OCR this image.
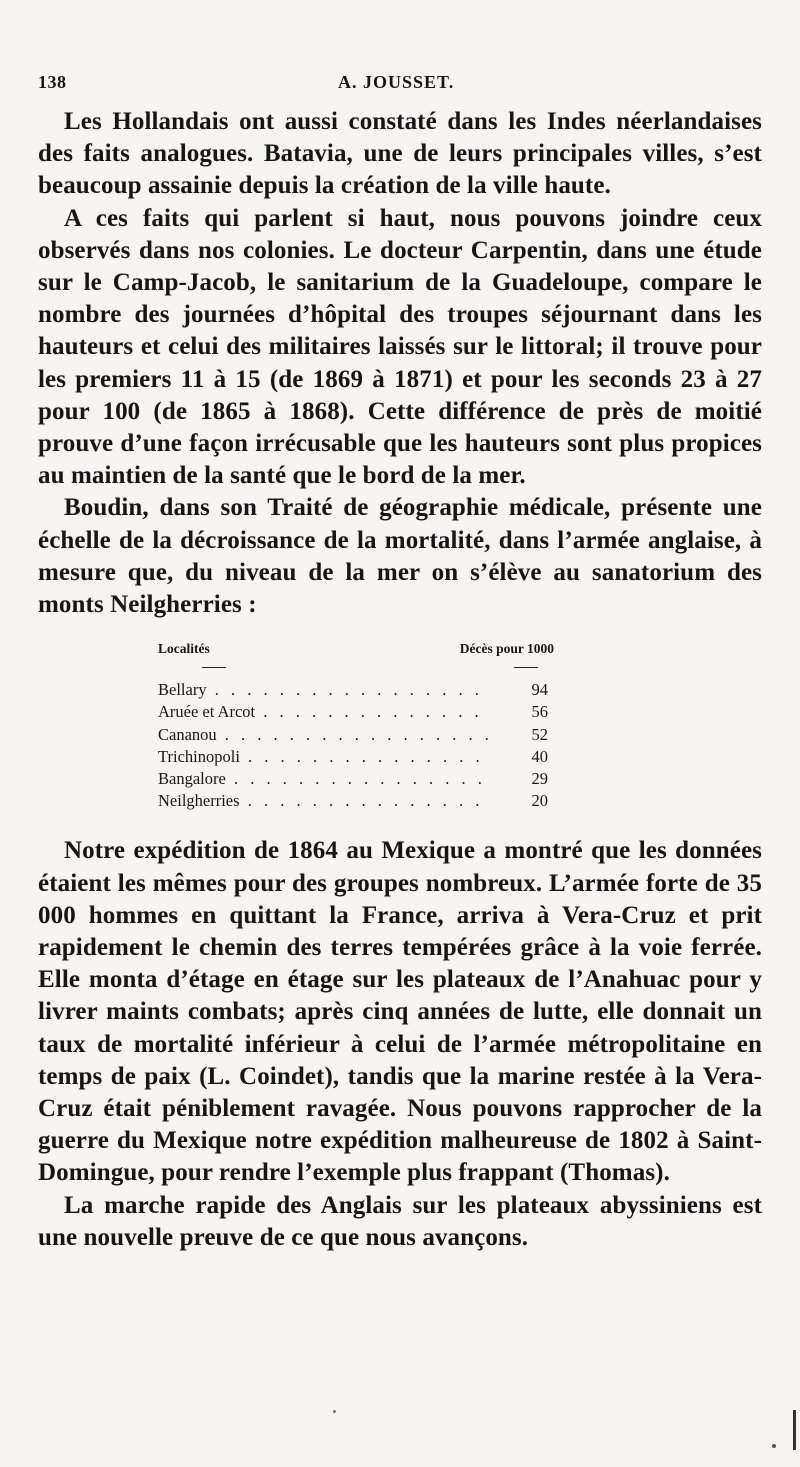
138	A. JOUSSET.

Les Hollandais ont aussi constaté dans les Indes néerlandaises des faits analogues. Batavia, une de leurs principales villes, s’est beaucoup assainie depuis la création de la ville haute.

A ces faits qui parlent si haut, nous pouvons joindre ceux observés dans nos colonies. Le docteur Carpentin, dans une étude sur le Camp-Jacob, le sanitarium de la Guadeloupe, compare le nombre des journées d’hôpital des troupes séjournant dans les hauteurs et celui des militaires laissés sur le littoral; il trouve pour les premiers 11 à 15 (de 1869 à 1871) et pour les seconds 23 à 27 pour 100 (de 1865 à 1868). Cette différence de près de moitié prouve d’une façon irrécusable que les hauteurs sont plus propices au maintien de la santé que le bord de la mer.

Boudin, dans son Traité de géographie médicale, présente une échelle de la décroissance de la mortalité, dans l’armée anglaise, à mesure que, du niveau de la mer on s’élève au sanatorium des monts Neilgherries :

Localités	Décès pour 1000
Bellary . . .	94
Aruée et Arcot . . .	56
Cananou . . .	52
Trichinopoli . . .	40
Bangalore . . .	29
Neilgherries . . .	20

Notre expédition de 1864 au Mexique a montré que les données étaient les mêmes pour des groupes nombreux. L’armée forte de 35 000 hommes en quittant la France, arriva à Vera-Cruz et prit rapidement le chemin des terres tempérées grâce à la voie ferrée. Elle monta d’étage en étage sur les plateaux de l’Anahuac pour y livrer maints combats; après cinq années de lutte, elle donnait un taux de mortalité inférieur à celui de l’armée métropolitaine en temps de paix (L. Coindet), tandis que la marine restée à la Vera-Cruz était péniblement ravagée. Nous pouvons rapprocher de la guerre du Mexique notre expédition malheureuse de 1802 à Saint-Domingue, pour rendre l’exemple plus frappant (Thomas).

La marche rapide des Anglais sur les plateaux abyssiniens est une nouvelle preuve de ce que nous avançons.
